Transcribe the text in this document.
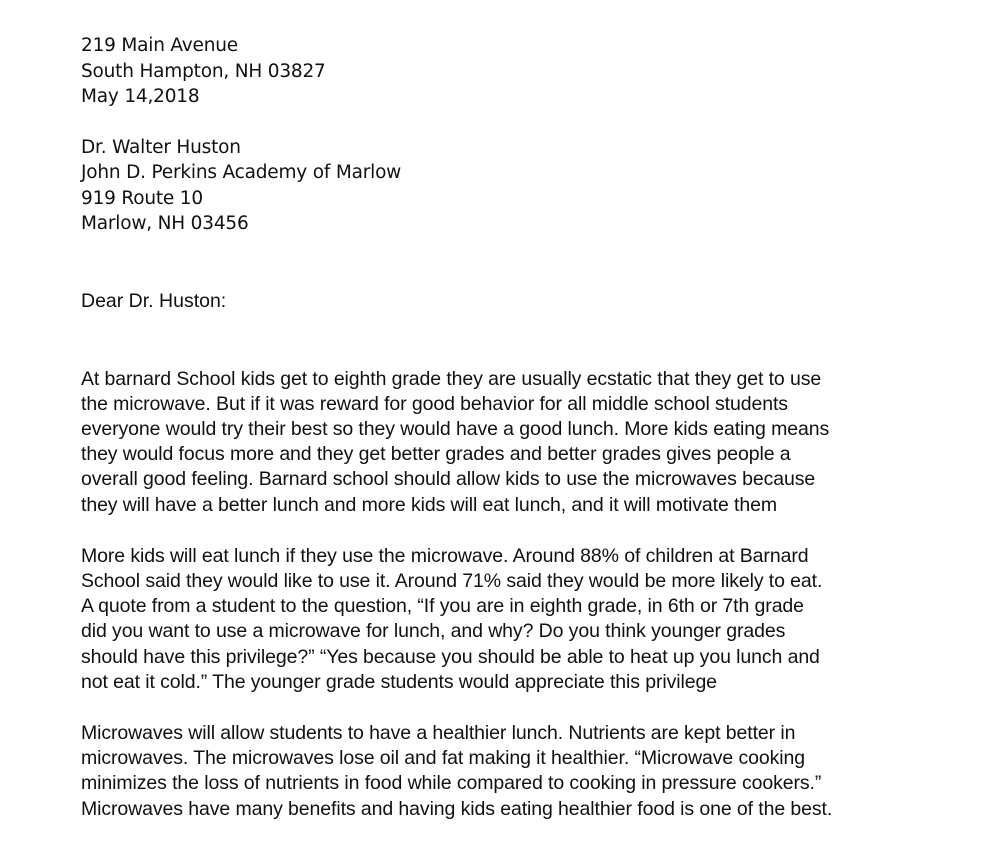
219 Main Avenue
South Hampton, NH 03827
May 14,2018
Dr. Walter Huston
John D. Perkins Academy of Marlow
919 Route 10
Marlow, NH 03456
Dear Dr. Huston:
At barnard School kids get to eighth grade they are usually ecstatic that they get to use
the microwave. But if it was reward for good behavior for all middle school students
everyone would try their best so they would have a good lunch. More kids eating means
they would focus more and they get better grades and better grades gives people a
overall good feeling. Barnard school should allow kids to use the microwaves because
they will have a better lunch and more kids will eat lunch, and it will motivate them
More kids will eat lunch if they use the microwave. Around 88% of children at Barnard
School said they would like to use it. Around 71% said they would be more likely to eat.
A quote from a student to the question, “If you are in eighth grade, in 6th or 7th grade
did you want to use a microwave for lunch, and why? Do you think younger grades
should have this privilege?” “Yes because you should be able to heat up you lunch and
not eat it cold.” The younger grade students would appreciate this privilege
Microwaves will allow students to have a healthier lunch. Nutrients are kept better in
microwaves. The microwaves lose oil and fat making it healthier. “Microwave cooking
minimizes the loss of nutrients in food while compared to cooking in pressure cookers.”
Microwaves have many benefits and having kids eating healthier food is one of the best.
